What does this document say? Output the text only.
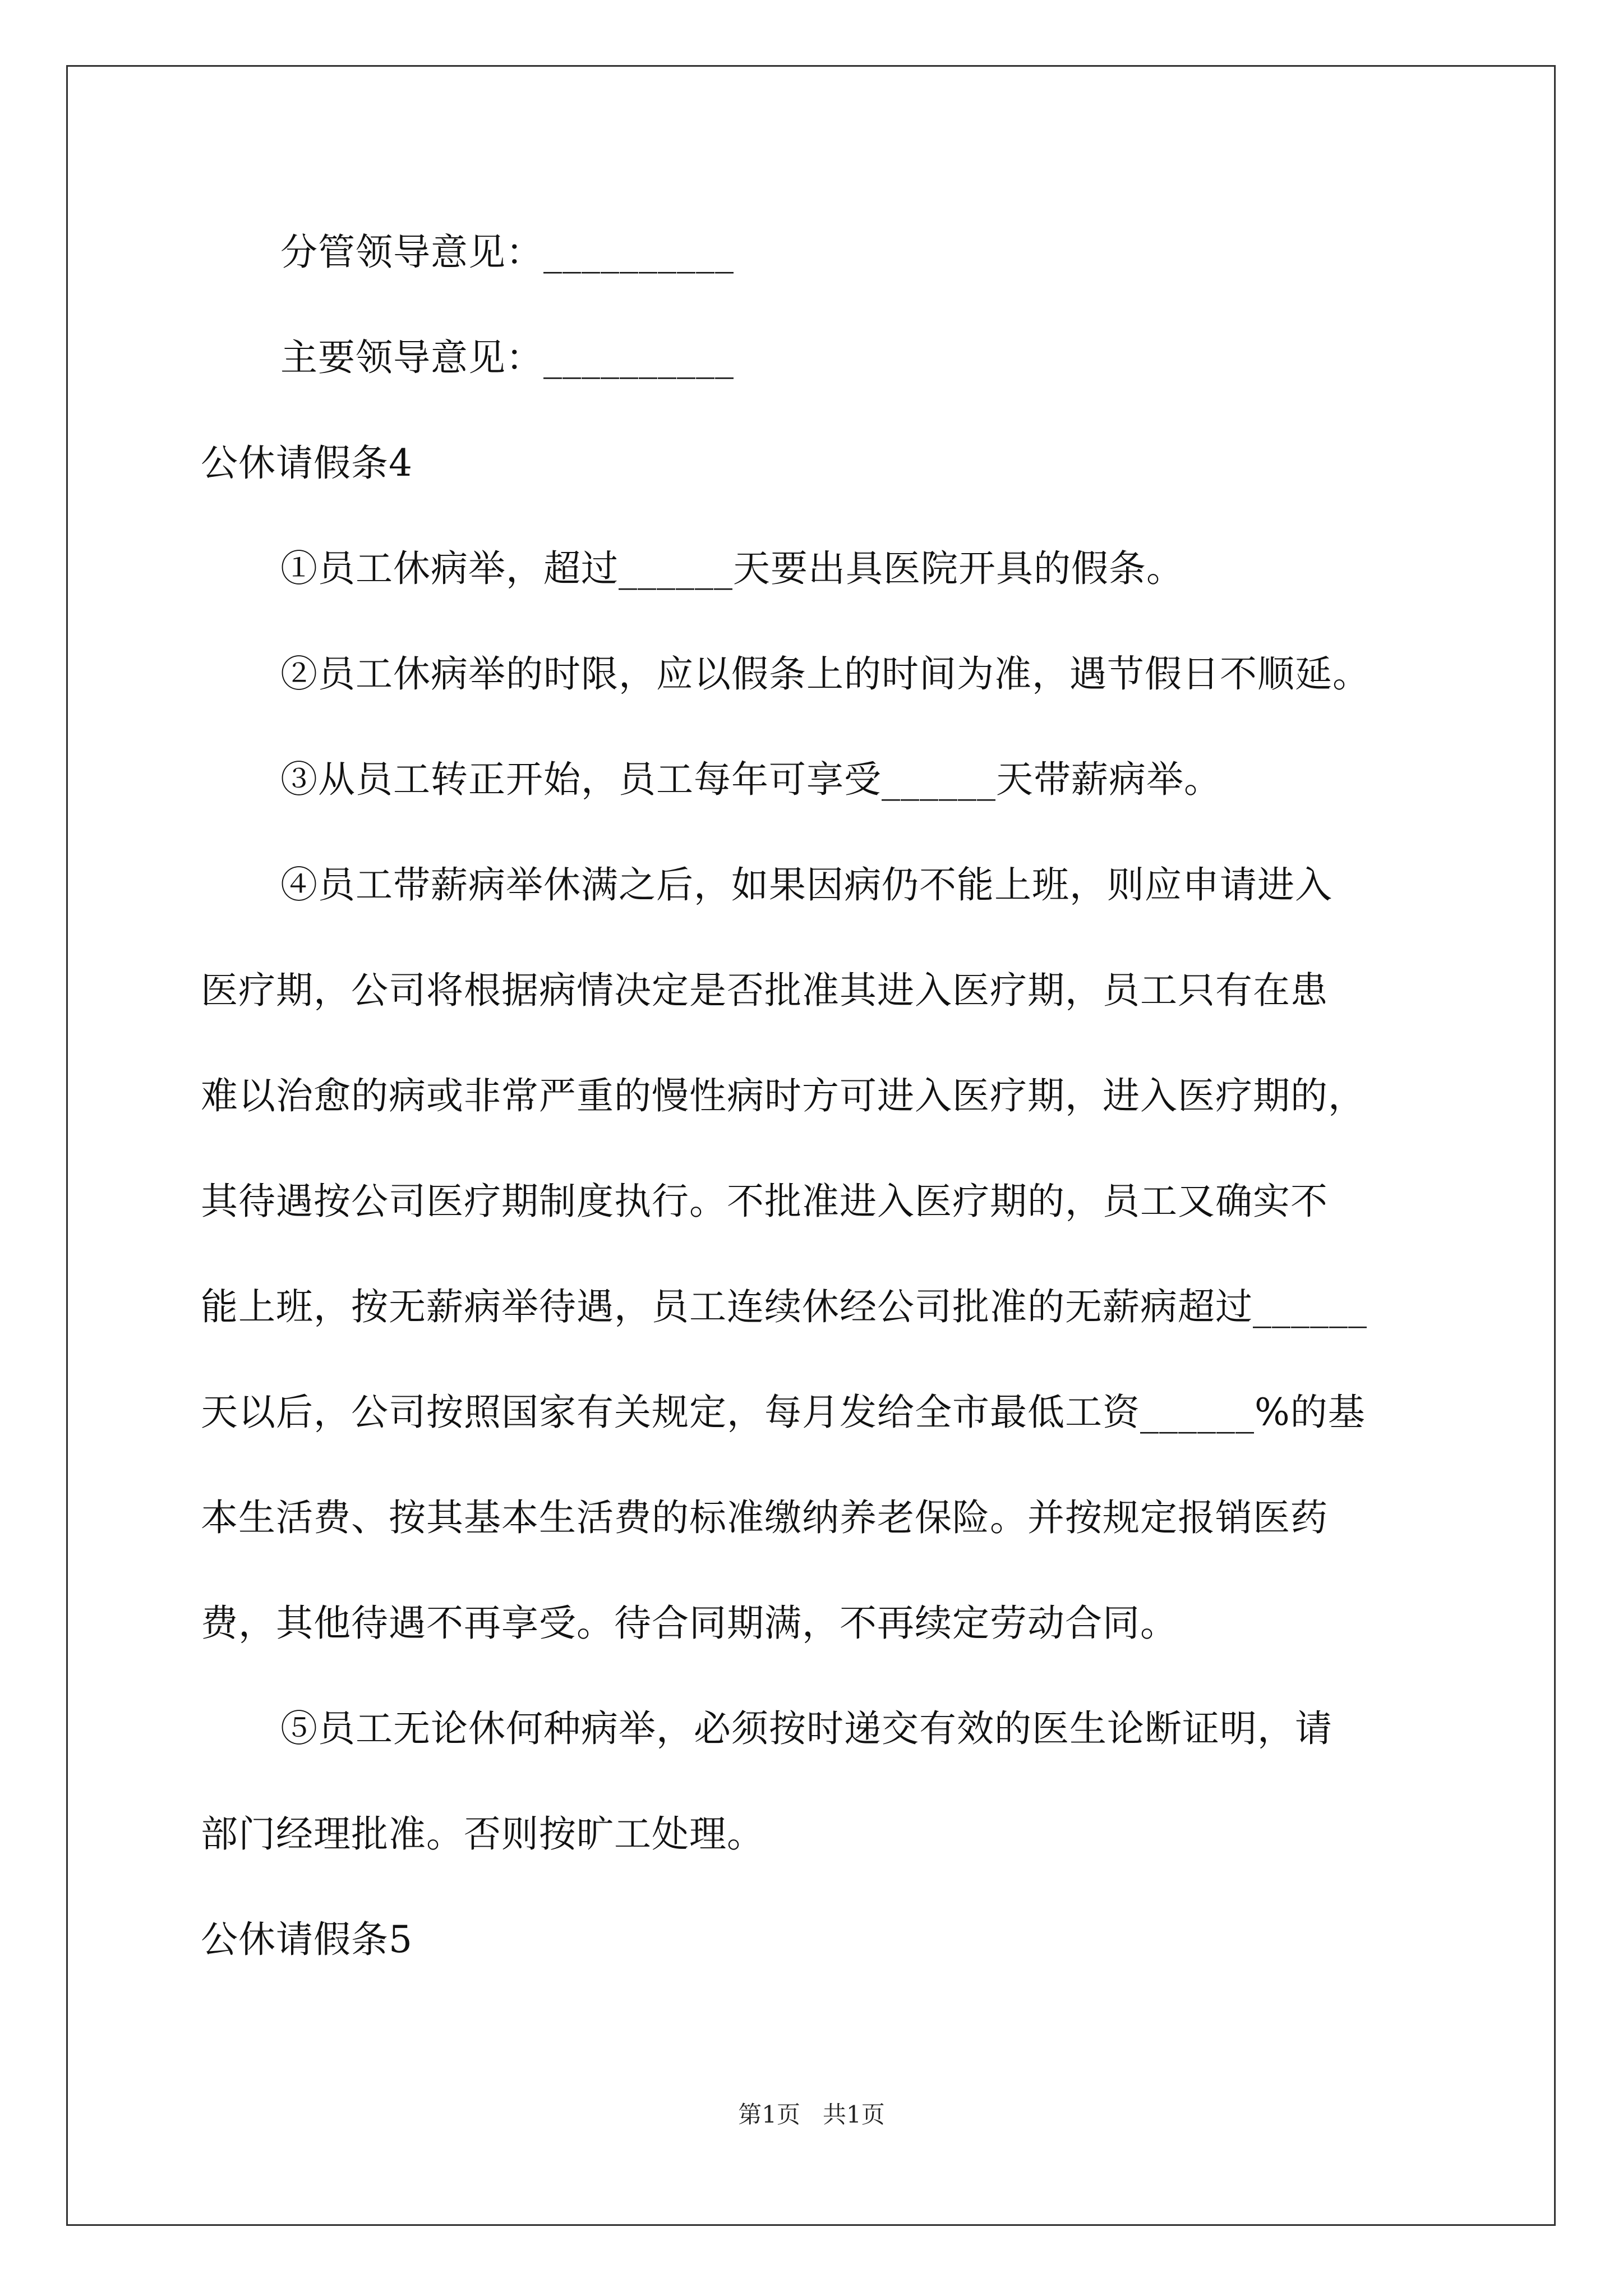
分管领导意见：__________
主要领导意见：__________
公休请假条4
①员工休病举，超过______天要出具医院开具的假条。
②员工休病举的时限，应以假条上的时间为准，遇节假日不顺延。
③从员工转正开始，员工每年可享受______天带薪病举。
④员工带薪病举休满之后，如果因病仍不能上班，则应申请进入
医疗期，公司将根据病情决定是否批准其进入医疗期，员工只有在患
难以治愈的病或非常严重的慢性病时方可进入医疗期，进入医疗期的，
其待遇按公司医疗期制度执行。不批准进入医疗期的，员工又确实不
能上班，按无薪病举待遇，员工连续休经公司批准的无薪病超过______
天以后，公司按照国家有关规定，每月发给全市最低工资______%的基
本生活费、按其基本生活费的标准缴纳养老保险。并按规定报销医药
费，其他待遇不再享受。待合同期满，不再续定劳动合同。
⑤员工无论休何种病举，必须按时递交有效的医生论断证明，请
部门经理批准。否则按旷工处理。
公休请假条5
第1页   共1页
